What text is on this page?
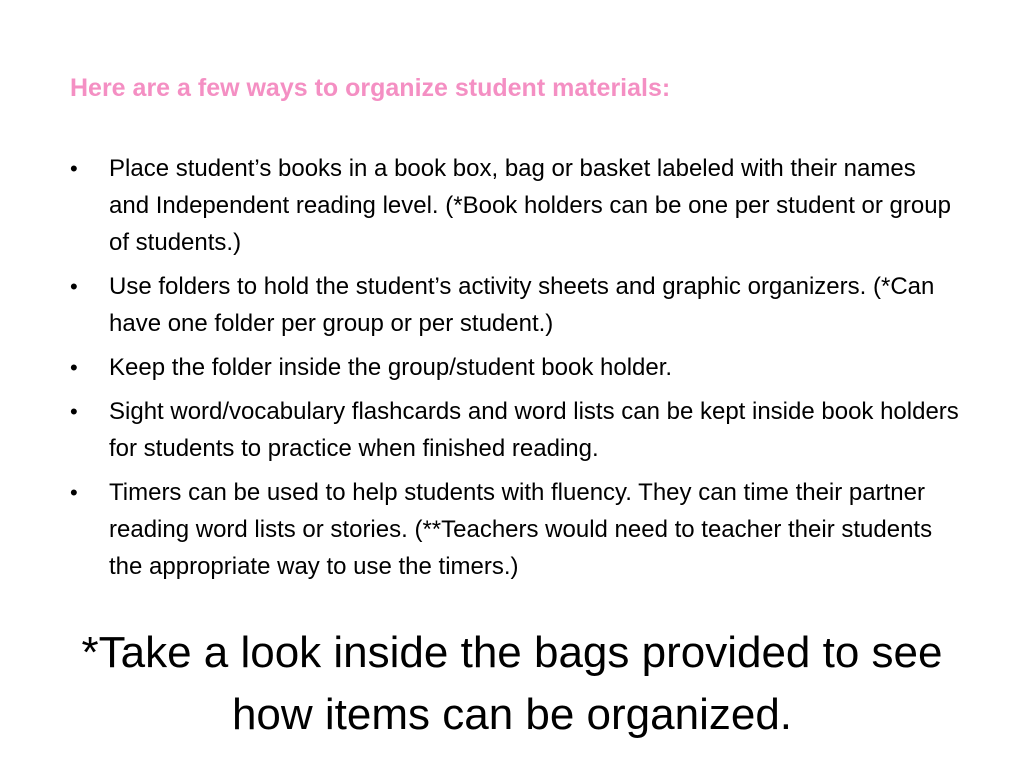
Here are a few ways to organize student materials:
•	Place student’s books in a book box, bag or basket labeled with their names and Independent reading level. (*Book holders can be one per student or group of students.)
•	Use folders to hold the student’s activity sheets and graphic organizers. (*Can have one folder per group or per student.)
•	Keep the folder inside the group/student book holder.
•	Sight word/vocabulary flashcards and word lists can be kept inside book holders for students to practice when finished reading.
•	Timers can be used to help students with fluency. They can time their partner reading word lists or stories. (**Teachers would need to teacher their students the appropriate way to use the timers.)
*Take a look inside the bags provided to see how items can be organized.
